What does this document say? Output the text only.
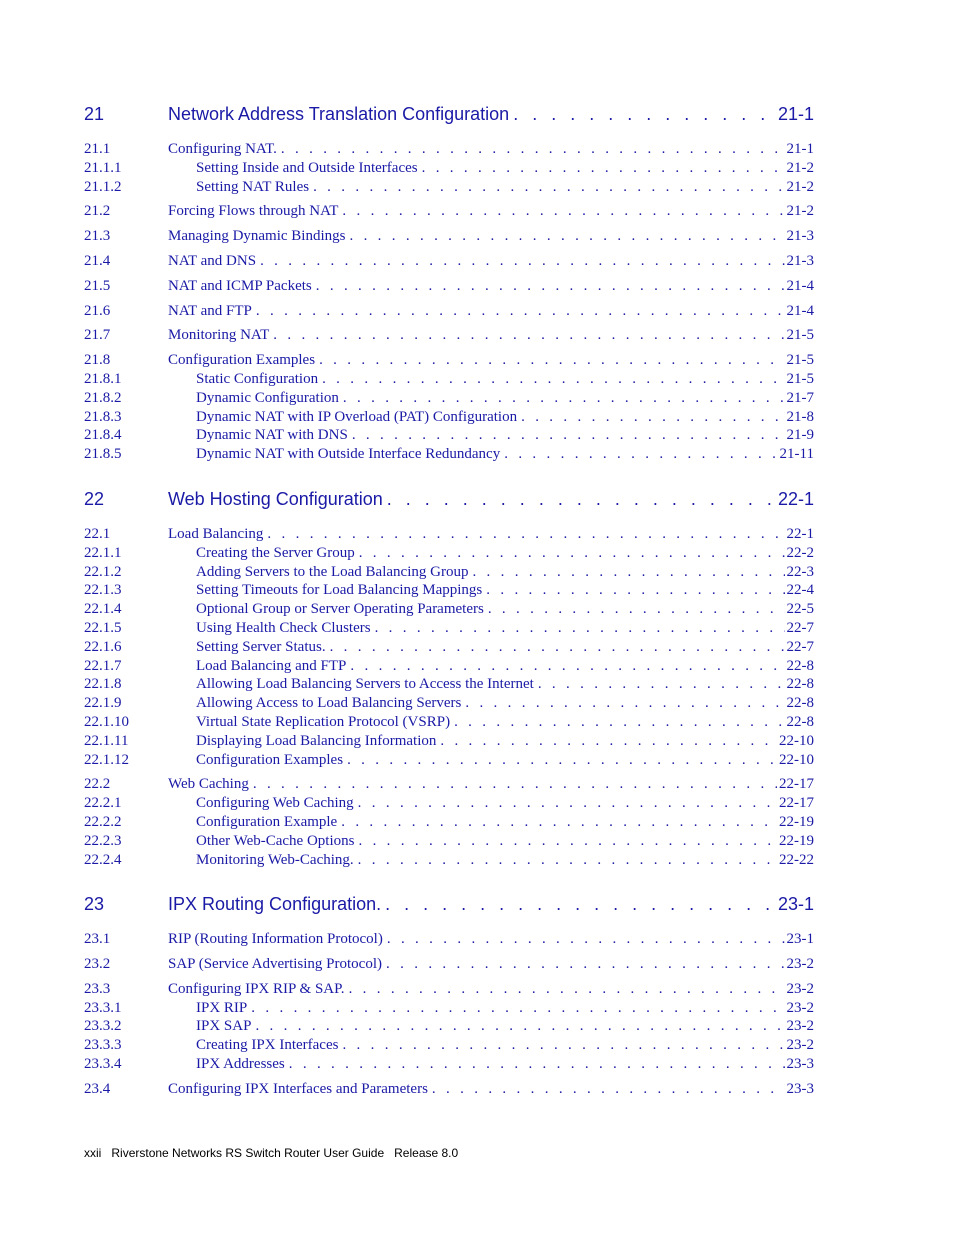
21	Network Address Translation Configuration . . .	21-1
21.1	Configuring NAT. . . .	21-1
21.1.1	Setting Inside and Outside Interfaces . . .	21-2
21.1.2	Setting NAT Rules . . .	21-2
21.2	Forcing Flows through NAT . . .	21-2
21.3	Managing Dynamic Bindings . . .	21-3
21.4	NAT and DNS . . .	21-3
21.5	NAT and ICMP Packets . . .	21-4
21.6	NAT and FTP . . .	21-4
21.7	Monitoring NAT . . .	21-5
21.8	Configuration Examples . . .	21-5
21.8.1	Static Configuration . . .	21-5
21.8.2	Dynamic Configuration . . .	21-7
21.8.3	Dynamic NAT with IP Overload (PAT) Configuration . . .	21-8
21.8.4	Dynamic NAT with DNS . . .	21-9
21.8.5	Dynamic NAT with Outside Interface Redundancy . . .	21-11
22	Web Hosting Configuration . . .	22-1
22.1	Load Balancing . . .	22-1
22.1.1	Creating the Server Group . . .	22-2
22.1.2	Adding Servers to the Load Balancing Group . . .	22-3
22.1.3	Setting Timeouts for Load Balancing Mappings . . .	22-4
22.1.4	Optional Group or Server Operating Parameters . . .	22-5
22.1.5	Using Health Check Clusters . . .	22-7
22.1.6	Setting Server Status. . . .	22-7
22.1.7	Load Balancing and FTP . . .	22-8
22.1.8	Allowing Load Balancing Servers to Access the Internet . . .	22-8
22.1.9	Allowing Access to Load Balancing Servers . . .	22-8
22.1.10	Virtual State Replication Protocol (VSRP) . . .	22-8
22.1.11	Displaying Load Balancing Information . . .	22-10
22.1.12	Configuration Examples . . .	22-10
22.2	Web Caching . . .	22-17
22.2.1	Configuring Web Caching . . .	22-17
22.2.2	Configuration Example . . .	22-19
22.2.3	Other Web-Cache Options . . .	22-19
22.2.4	Monitoring Web-Caching. . . .	22-22
23	IPX Routing Configuration. . . .	23-1
23.1	RIP (Routing Information Protocol) . . .	23-1
23.2	SAP (Service Advertising Protocol) . . .	23-2
23.3	Configuring IPX RIP & SAP. . . .	23-2
23.3.1	IPX RIP . . .	23-2
23.3.2	IPX SAP . . .	23-2
23.3.3	Creating IPX Interfaces . . .	23-2
23.3.4	IPX Addresses . . .	23-3
23.4	Configuring IPX Interfaces and Parameters . . .	23-3
xxii Riverstone Networks RS Switch Router User Guide Release 8.0
